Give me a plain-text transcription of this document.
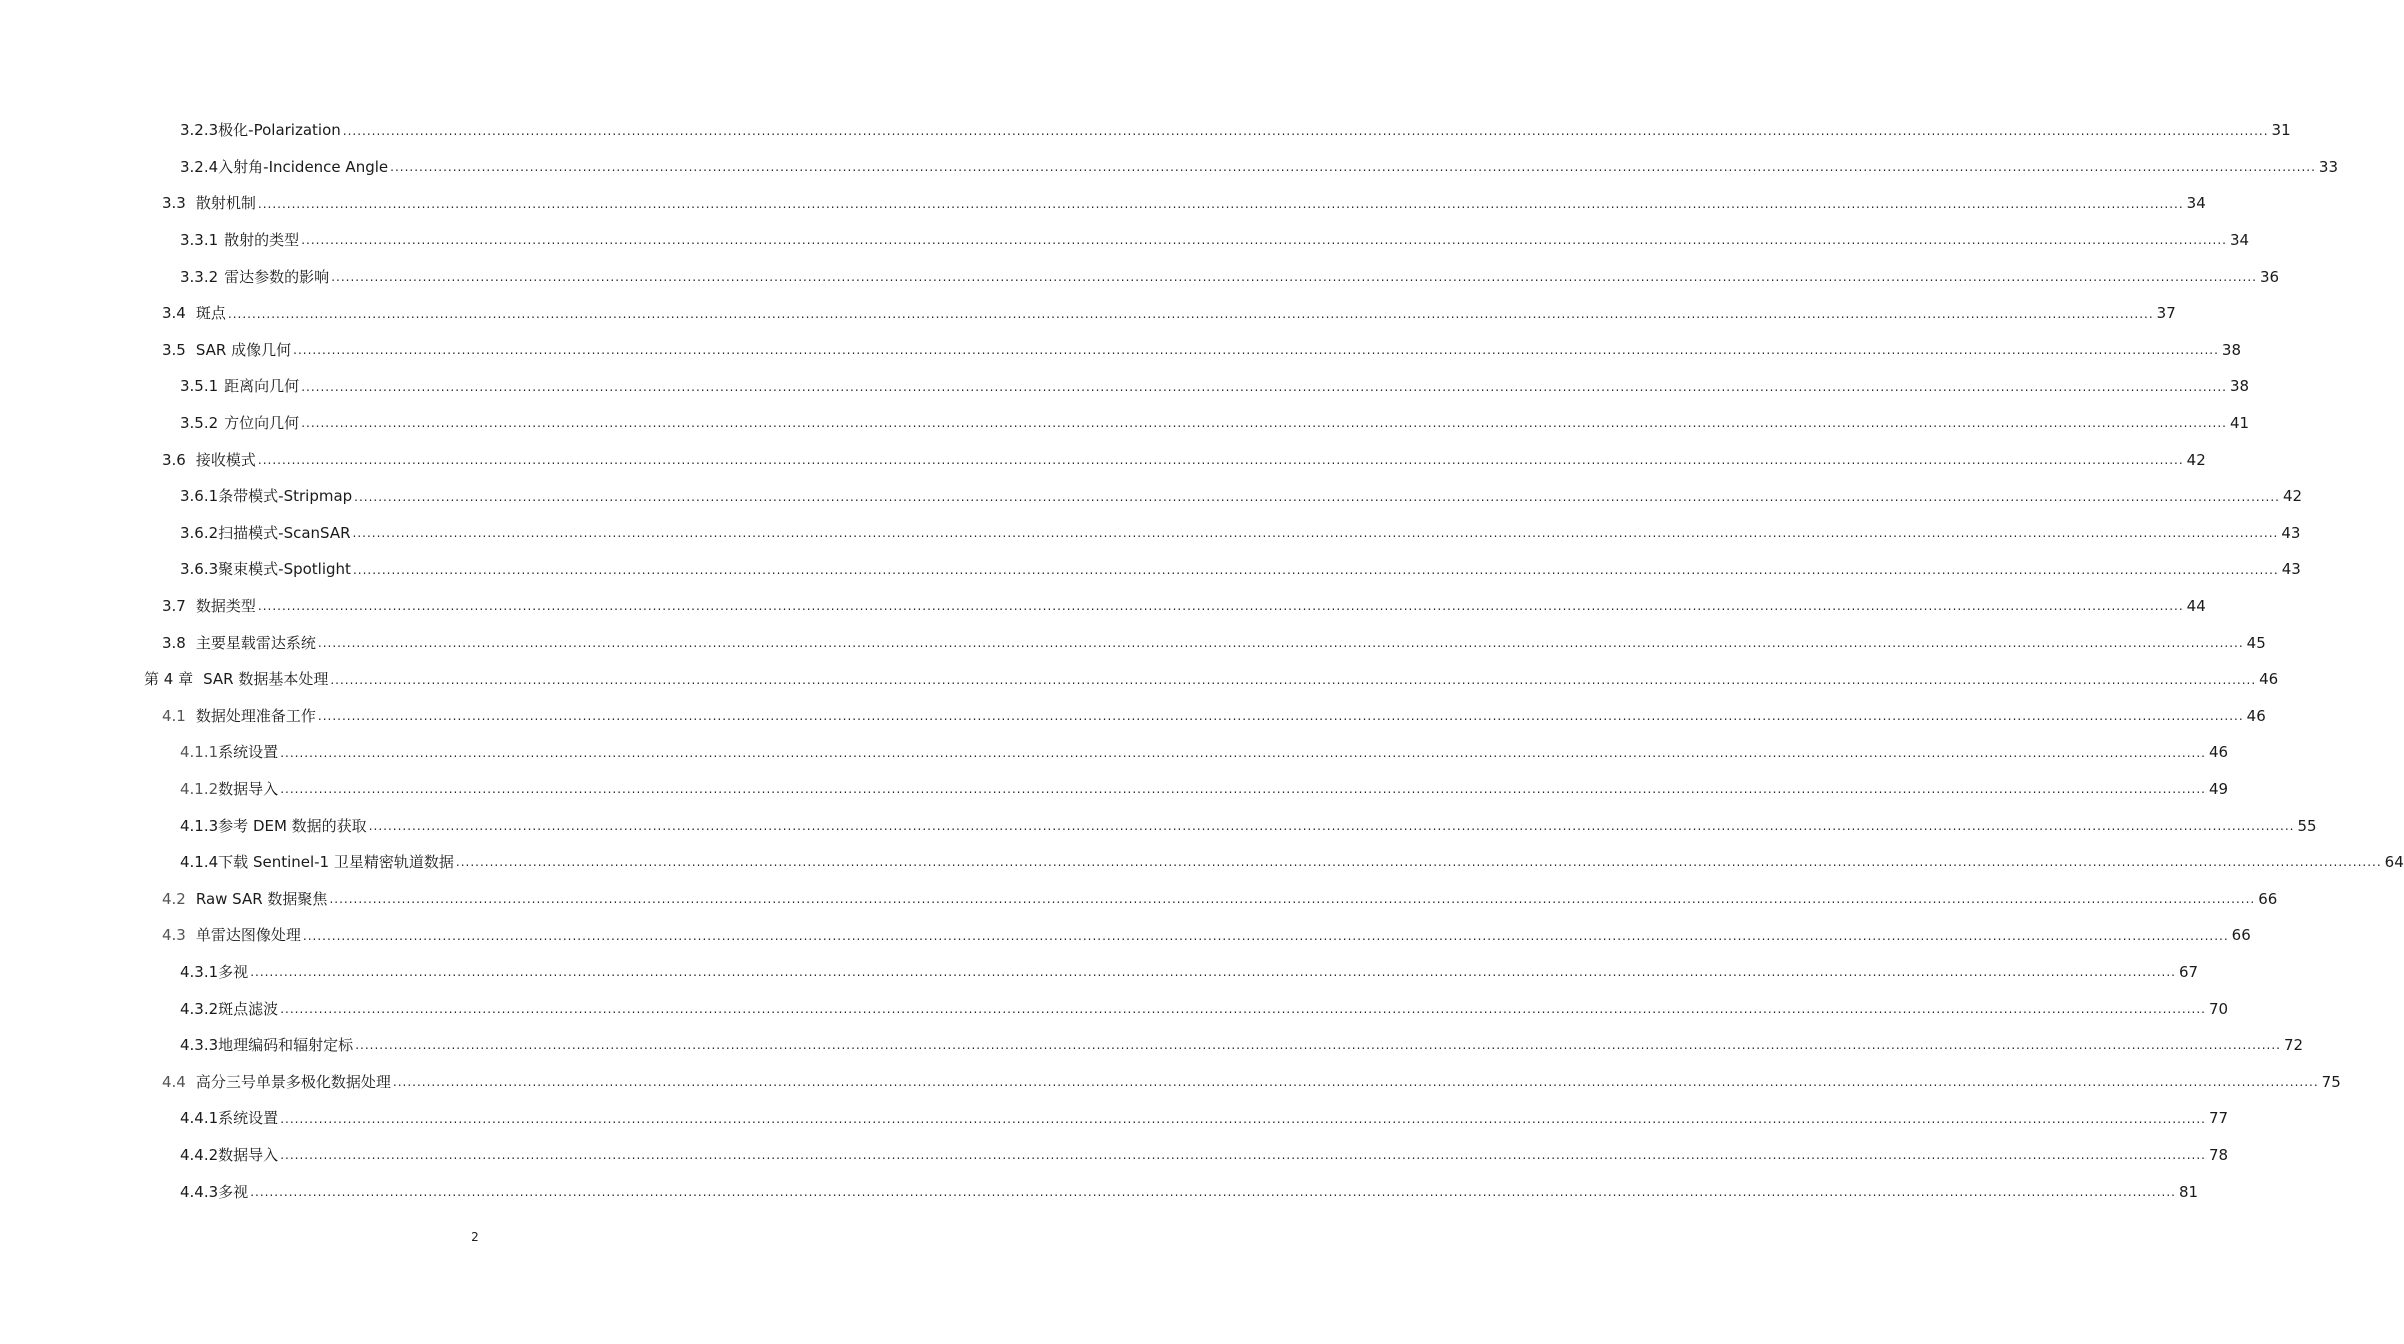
3.2.3 极化-Polarization ................................................................................................................................................................................................................................................................................................................................................................................................................ 31
3.2.4 入射角-Incidence Angle ................................................................................................................................................................................................................................................................................................................................................................................................................ 33
3.3 散射机制 ................................................................................................................................................................................................................................................................................................................................................................................................................ 34
3.3.1 散射的类型 ................................................................................................................................................................................................................................................................................................................................................................................................................ 34
3.3.2 雷达参数的影响 ................................................................................................................................................................................................................................................................................................................................................................................................................ 36
3.4 斑点 ................................................................................................................................................................................................................................................................................................................................................................................................................ 37
3.5 SAR 成像几何 ................................................................................................................................................................................................................................................................................................................................................................................................................ 38
3.5.1 距离向几何 ................................................................................................................................................................................................................................................................................................................................................................................................................ 38
3.5.2 方位向几何 ................................................................................................................................................................................................................................................................................................................................................................................................................ 41
3.6 接收模式 ................................................................................................................................................................................................................................................................................................................................................................................................................ 42
3.6.1 条带模式-Stripmap ................................................................................................................................................................................................................................................................................................................................................................................................................ 42
3.6.2 扫描模式-ScanSAR ................................................................................................................................................................................................................................................................................................................................................................................................................ 43
3.6.3 聚束模式-Spotlight ................................................................................................................................................................................................................................................................................................................................................................................................................ 43
3.7 数据类型 ................................................................................................................................................................................................................................................................................................................................................................................................................ 44
3.8 主要星载雷达系统 ................................................................................................................................................................................................................................................................................................................................................................................................................ 45
第 4 章 SAR 数据基本处理 ................................................................................................................................................................................................................................................................................................................................................................................................................ 46
4.1 数据处理准备工作 ................................................................................................................................................................................................................................................................................................................................................................................................................ 46
4.1.1 系统设置 ................................................................................................................................................................................................................................................................................................................................................................................................................ 46
4.1.2 数据导入 ................................................................................................................................................................................................................................................................................................................................................................................................................ 49
4.1.3 参考 DEM 数据的获取 ................................................................................................................................................................................................................................................................................................................................................................................................................ 55
4.1.4 下载 Sentinel-1 卫星精密轨道数据 ................................................................................................................................................................................................................................................................................................................................................................................................................ 64
4.2 Raw SAR 数据聚焦 ................................................................................................................................................................................................................................................................................................................................................................................................................ 66
4.3 单雷达图像处理 ................................................................................................................................................................................................................................................................................................................................................................................................................ 66
4.3.1 多视 ................................................................................................................................................................................................................................................................................................................................................................................................................ 67
4.3.2 斑点滤波 ................................................................................................................................................................................................................................................................................................................................................................................................................ 70
4.3.3 地理编码和辐射定标 ................................................................................................................................................................................................................................................................................................................................................................................................................ 72
4.4 高分三号单景多极化数据处理 ................................................................................................................................................................................................................................................................................................................................................................................................................ 75
4.4.1 系统设置 ................................................................................................................................................................................................................................................................................................................................................................................................................ 77
4.4.2 数据导入 ................................................................................................................................................................................................................................................................................................................................................................................................................ 78
4.4.3 多视 ................................................................................................................................................................................................................................................................................................................................................................................................................ 81
2
